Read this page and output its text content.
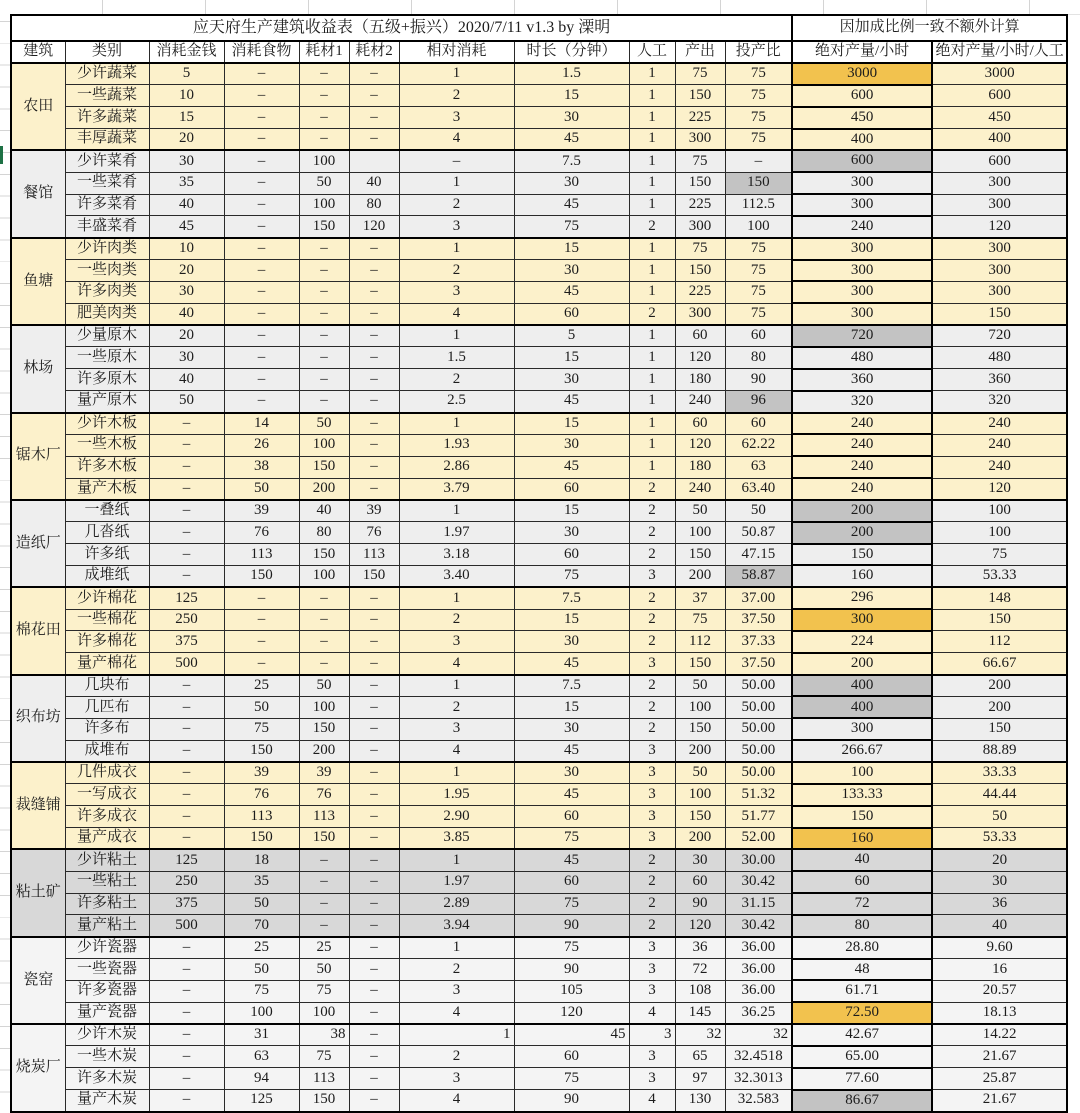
应天府生产建筑收益表（五级+振兴）2020/7/11 v1.3 by 溧明											因加成比例一致不额外计算	
建筑	类别	消耗金钱	消耗食物	耗材1	耗材2	相对消耗	时长（分钟）	人工	产出	投产比	绝对产量/小时	绝对产量/小时/人工
农田	少许蔬菜	5	–	–	–	1	1.5	1	75	75	3000	3000
	一些蔬菜	10	–	–	–	2	15	1	150	75	600	600
	许多蔬菜	15	–	–	–	3	30	1	225	75	450	450
	丰厚蔬菜	20	–	–	–	4	45	1	300	75	400	400
餐馆	少许菜肴	30	–	100		–	7.5	1	75	–	600	600
	一些菜肴	35	–	50	40	1	30	1	150	150	300	300
	许多菜肴	40	–	100	80	2	45	1	225	112.5	300	300
	丰盛菜肴	45	–	150	120	3	75	2	300	100	240	120
鱼塘	少许肉类	10	–	–	–	1	15	1	75	75	300	300
	一些肉类	20	–	–	–	2	30	1	150	75	300	300
	许多肉类	30	–	–	–	3	45	1	225	75	300	300
	肥美肉类	40	–	–	–	4	60	2	300	75	300	150
林场	少量原木	20	–	–	–	1	5	1	60	60	720	720
	一些原木	30	–	–	–	1.5	15	1	120	80	480	480
	许多原木	40	–	–	–	2	30	1	180	90	360	360
	量产原木	50	–	–	–	2.5	45	1	240	96	320	320
锯木厂	少许木板	–	14	50	–	1	15	1	60	60	240	240
	一些木板	–	26	100	–	1.93	30	1	120	62.22	240	240
	许多木板	–	38	150	–	2.86	45	1	180	63	240	240
	量产木板	–	50	200	–	3.79	60	2	240	63.40	240	120
造纸厂	一叠纸	–	39	40	39	1	15	2	50	50	200	100
	几沓纸	–	76	80	76	1.97	30	2	100	50.87	200	100
	许多纸	–	113	150	113	3.18	60	2	150	47.15	150	75
	成堆纸	–	150	100	150	3.40	75	3	200	58.87	160	53.33
棉花田	少许棉花	125	–	–	–	1	7.5	2	37	37.00	296	148
	一些棉花	250	–	–	–	2	15	2	75	37.50	300	150
	许多棉花	375	–	–	–	3	30	2	112	37.33	224	112
	量产棉花	500	–	–	–	4	45	3	150	37.50	200	66.67
织布坊	几块布	–	25	50	–	1	7.5	2	50	50.00	400	200
	几匹布	–	50	100	–	2	15	2	100	50.00	400	200
	许多布	–	75	150	–	3	30	2	150	50.00	300	150
	成堆布	–	150	200	–	4	45	3	200	50.00	266.67	88.89
裁缝铺	几件成衣	–	39	39	–	1	30	3	50	50.00	100	33.33
	一写成衣	–	76	76	–	1.95	45	3	100	51.32	133.33	44.44
	许多成衣	–	113	113	–	2.90	60	3	150	51.77	150	50
	量产成衣	–	150	150	–	3.85	75	3	200	52.00	160	53.33
粘土矿	少许粘土	125	18	–	–	1	45	2	30	30.00	40	20
	一些粘土	250	35	–	–	1.97	60	2	60	30.42	60	30
	许多粘土	375	50	–	–	2.89	75	2	90	31.15	72	36
	量产粘土	500	70	–	–	3.94	90	2	120	30.42	80	40
瓷窑	少许瓷器	–	25	25	–	1	75	3	36	36.00	28.80	9.60
	一些瓷器	–	50	50	–	2	90	3	72	36.00	48	16
	许多瓷器	–	75	75	–	3	105	3	108	36.00	61.71	20.57
	量产瓷器	–	100	100	–	4	120	4	145	36.25	72.50	18.13
烧炭厂	少许木炭	–	31	38	–	1	45	3	32	32	42.67	14.22
	一些木炭	–	63	75	–	2	60	3	65	32.4518	65.00	21.67
	许多木炭	–	94	113	–	3	75	3	97	32.3013	77.60	25.87
	量产木炭	–	125	150	–	4	90	4	130	32.583	86.67	21.67
